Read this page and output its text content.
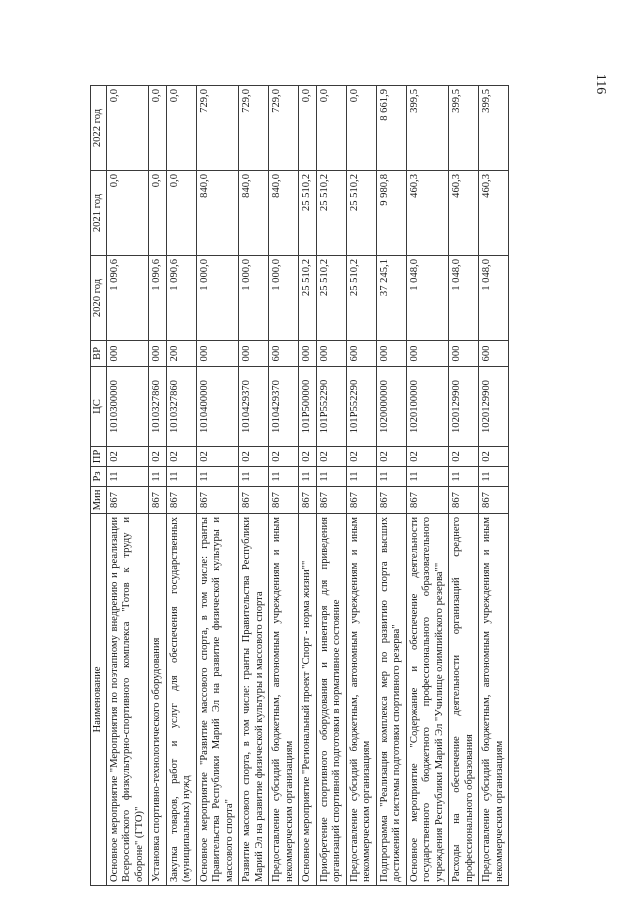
116
Наименование	Мин	Рз	ПР	ЦС	ВР	2020 год	2021 год	2022 год
Основное мероприятие "Мероприятия по поэтапному внедрению и реализации Всероссийского физкультурно-спортивного комплекса "Готов к труду и обороне" (ГТО)"	867	11	02	1010300000	000	1 090,6	0,0	0,0
Установка спортивно-технологического оборудования	867	11	02	1010327860	000	1 090,6	0,0	0,0
Закупка товаров, работ и услуг для обеспечения государственных (муниципальных) нужд	867	11	02	1010327860	200	1 090,6	0,0	0,0
Основное мероприятие "Развитие массового спорта, в том числе: гранты Правительства Республики Марий Эл на развитие физической культуры и массового спорта"	867	11	02	1010400000	000	1 000,0	840,0	729,0
Развитие массового спорта, в том числе: гранты Правительства Республики Марий Эл на развитие физической культуры и массового спорта	867	11	02	1010429370	000	1 000,0	840,0	729,0
Предоставление субсидий бюджетным, автономным учреждениям и иным некоммерческим организациям	867	11	02	1010429370	600	1 000,0	840,0	729,0
Основное мероприятие "Региональный проект "Спорт - норма жизни""	867	11	02	101P500000	000	25 510,2	25 510,2	0,0
Приобретение спортивного оборудования и инвентаря для приведения организаций спортивной подготовки в нормативное состояние	867	11	02	101P552290	000	25 510,2	25 510,2	0,0
Предоставление субсидий бюджетным, автономным учреждениям и иным некоммерческим организациям	867	11	02	101P552290	600	25 510,2	25 510,2	0,0
Подпрограмма "Реализация комплекса мер по развитию спорта высших достижений и системы подготовки спортивного резерва"	867	11	02	1020000000	000	37 245,1	9 980,8	8 661,9
Основное мероприятие "Содержание и обеспечение деятельности государственного бюджетного профессионального образовательного учреждения Республики Марий Эл "Училище олимпийского резерва""	867	11	02	1020100000	000	1 048,0	460,3	399,5
Расходы на обеспечение деятельности организаций среднего профессионального образования	867	11	02	1020129900	000	1 048,0	460,3	399,5
Предоставление субсидий бюджетным, автономным учреждениям и иным некоммерческим организациям	867	11	02	1020129900	600	1 048,0	460,3	399,5
